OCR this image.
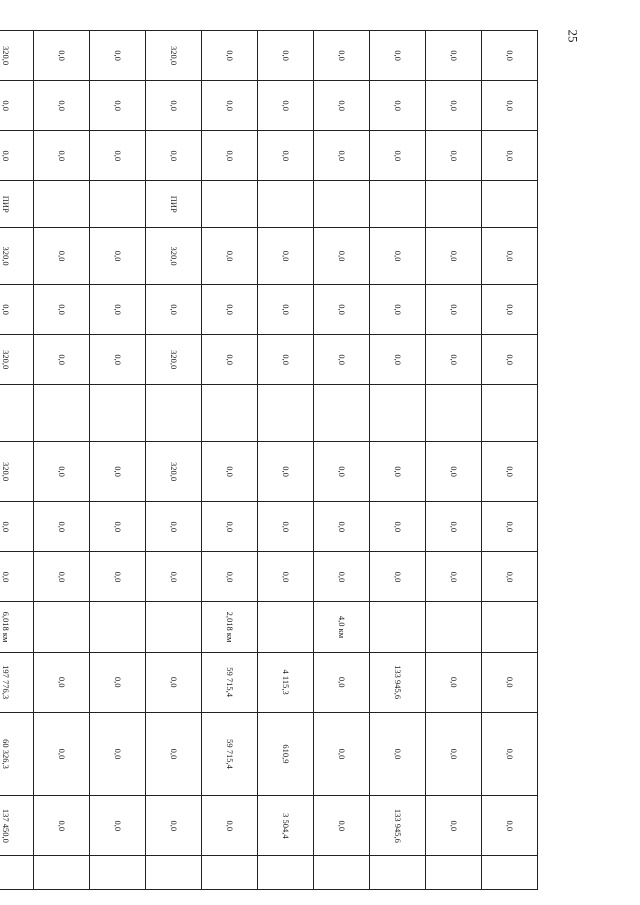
25
0,0	0,0	0,0		0,0	0,0	0,0		0,0	0,0	0,0		0,0	0,0	0,0	
0,0	0,0	0,0		0,0	0,0	0,0		0,0	0,0	0,0		0,0	0,0	0,0	
0,0	0,0	0,0		0,0	0,0	0,0		0,0	0,0	0,0		133 945,6	0,0	133 945,6	
0,0	0,0	0,0		0,0	0,0	0,0		0,0	0,0	0,0	4,0 км	0,0	0,0	0,0	
0,0	0,0	0,0		0,0	0,0	0,0		0,0	0,0	0,0		4 115,3	610,9	3 504,4	
0,0	0,0	0,0		0,0	0,0	0,0		0,0	0,0	0,0	2,018 км	59 715,4	59 715,4	0,0	
320,0	0,0	0,0	ПИР	320,0	0,0	320,0		320,0	0,0	0,0		0,0	0,0	0,0	
0,0	0,0	0,0		0,0	0,0	0,0		0,0	0,0	0,0		0,0	0,0	0,0	
0,0	0,0	0,0		0,0	0,0	0,0		0,0	0,0	0,0		0,0	0,0	0,0	
320,0	0,0	0,0	ПИР	320,0	0,0	320,0		320,0	0,0	0,0	6,018 км	197 776,3	60 326,3	137 450,0	
